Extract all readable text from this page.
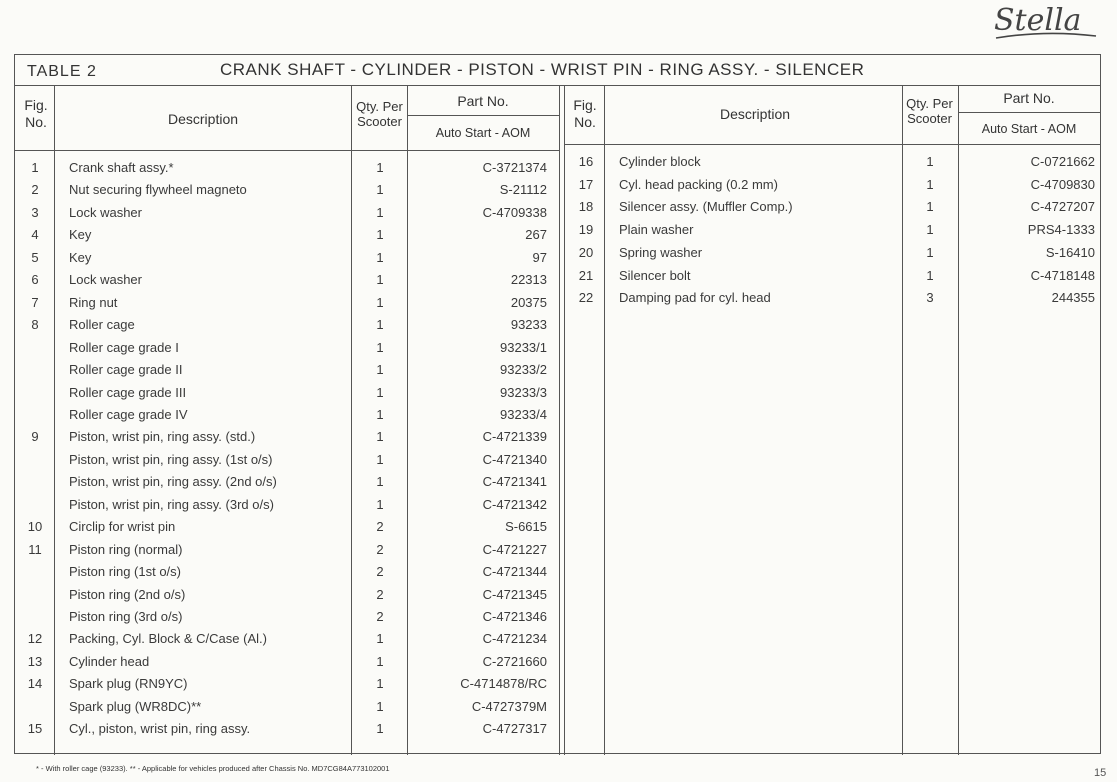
Stella
TABLE 2	CRANK SHAFT - CYLINDER - PISTON - WRIST PIN - RING ASSY. - SILENCER
Fig.
No.	Description
Qty. Per
Scooter
Part No.
Auto Start - AOM
Fig.
No.	Description
Qty. Per
Scooter
Part No.
Auto Start - AOM
1	Crank shaft assy.*	1	C-3721374
2	Nut securing flywheel magneto	1	S-21112
3	Lock washer	1	C-4709338
4	Key	1	267
5	Key	1	97
6	Lock washer	1	22313
7	Ring nut	1	20375
8	Roller cage	1	93233
Roller cage grade I	1	93233/1
Roller cage grade II	1	93233/2
Roller cage grade III	1	93233/3
Roller cage grade IV	1	93233/4
9	Piston, wrist pin, ring assy. (std.)	1	C-4721339
Piston, wrist pin, ring assy. (1st o/s)	1	C-4721340
Piston, wrist pin, ring assy. (2nd o/s)	1	C-4721341
Piston, wrist pin, ring assy. (3rd o/s)	1	C-4721342
10	Circlip for wrist pin	2	S-6615
11	Piston ring (normal)	2	C-4721227
Piston ring (1st o/s)	2	C-4721344
Piston ring (2nd o/s)	2	C-4721345
Piston ring (3rd o/s)	2	C-4721346
12	Packing, Cyl. Block & C/Case (Al.)	1	C-4721234
13	Cylinder head	1	C-2721660
14	Spark plug (RN9YC)	1	C-4714878/RC
Spark plug (WR8DC)**	1	C-4727379M
15	Cyl., piston, wrist pin, ring assy.	1	C-4727317
16	Cylinder block	1	C-0721662
17	Cyl. head packing (0.2 mm)	1	C-4709830
18	Silencer assy. (Muffler Comp.)	1	C-4727207
19	Plain washer	1	PRS4-1333
20	Spring washer	1	S-16410
21	Silencer bolt	1	C-4718148
22	Damping pad for cyl. head	3	244355
* - With roller cage (93233). ** - Applicable for vehicles produced after Chassis No. MD7CG84A773102001	15
